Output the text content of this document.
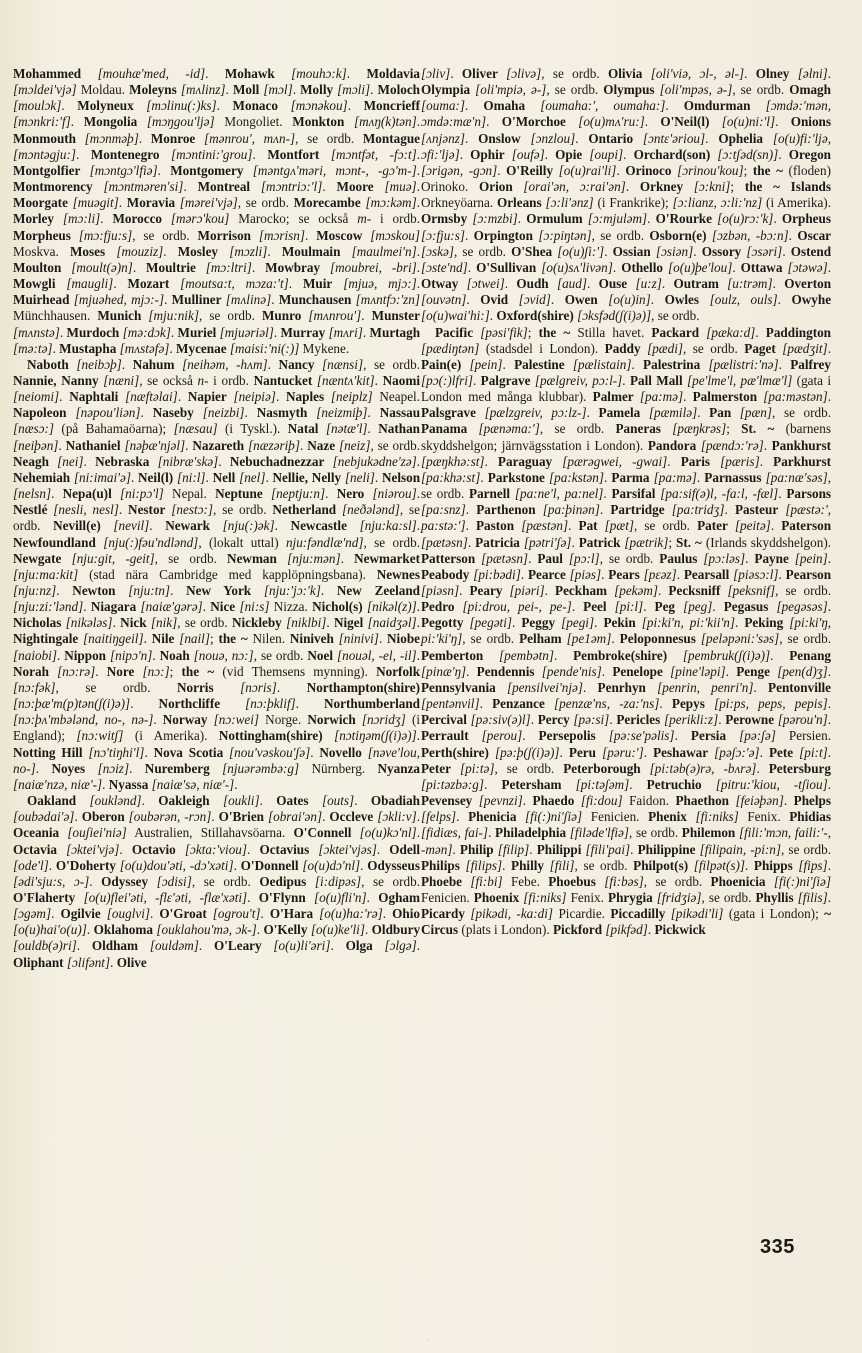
Mohammed [mouhæ'med, -id]. Mohawk [mouhɔ:k]. Moldavia [mɔldei'vjə] Moldau. Moleyns [mʌlinz]. Moll [mɔl]. Molly [mɔli]. Moloch [moulɔk]. Molyneux [mɔlinu(:)ks]. Monaco [mɔnəkou]. Moncrieff [mɔnkri:'f]. Mongolia [mɔŋgou'ljə] Mongoliet. Monkton [mʌŋ(k)tən]. Monmouth [mɔnməþ]. Monroe [mənrou', mʌn-], se ordb. Montague [mɔntəgju:]. Montenegro [mɔntini:'grou]. Montfort [mɔntfət, -fɔ:t]. Montgolfier [mɔntgɔ'lfiə]. Montgomery [məntgʌ'məri, mɔnt-, -gɔ'm-]. Montmorency [mɔntmərenʹsi]. Montreal [mɔntriɔ:'l]. Moore [muə]. Moorgate [muəgit]. Moravia [mərei'vjə], se ordb. Morecambe [mɔ:kəm]. Morley [mɔ:li]. Morocco [mərɔ'kou] Marocko; se också m- i ordb. Morpheus [mɔ:fju:s], se ordb. Morrison [mɔrisn]. Moscow [mɔskou] Moskva. Moses [mouziz]. Mosley [mɔzli]. Moulmain [maulmei'n]. Moulton [moult(ə)n]. Moultrie [mɔ:ltri]. Mowbray [moubrei, -bri]. Mowgli [maugli]. Mozart [moutsa:t, mɔza:'t]. Muir [mjuə, mjɔ:]. Muirhead [mjuəhed, mjɔ:-]. Mulliner [mʌlinə]. Munchausen [mʌntfɔ:'zn] Münchhausen. Munich [mju:nik], se ordb. Munro [mʌnrou']. Munster [mʌnstə]. Murdoch [mə:dɔk]. Muriel [mjuəriəl]. Murray [mʌri]. Murtagh [mə:tə]. Mustapha [mʌstəfə]. Mycenae [maisi:'ni(:)] Mykene.

Naboth [neibɔþ]. Nahum [neihəm, -hʌm]. Nancy [nænsi], se ordb. Nannie, Nanny [næni], se också n- i ordb. Nantucket [næntʌ'kit]. Naomi [neiomi]. Naphtali [næftəlai]. Napier [neipiə]. Naples [neiplz] Neapel. Napoleon [nəpou'liən]. Naseby [neizbi]. Nasmyth [neizmiþ]. Nassau [næsɔ:] (på Bahamaöarna); [næsau] (i Tyskl.). Natal [nətæ'l]. Nathan [neiþən]. Nathaniel [nəþæ'njəl]. Nazareth [næzəriþ]. Naze [neiz], se ordb. Neagh [nei]. Nebraska [nibræ'skə]. Nebuchadnezzar [nebjukədne'zə]. Nehemiah [ni:imai'ə]. Neil(l) [ni:l]. Nell [nel]. Nellie, Nelly [neli]. Nelson [nelsn]. Nepa(u)l [ni:pɔ'l] Nepal. Neptune [neptju:n]. Nero [niərou]. Nestlé [nesli, nesl]. Nestor [nestɔ:], se ordb. Netherland [neðələnd], se ordb. Nevill(e) [nevil]. Newark [nju(:)ək]. Newcastle [nju:ka:sl]. Newfoundland [nju(:)fəu'ndlənd], (lokalt uttal) nju:fəndlæ'nd], se ordb. Newgate [nju:git, -geit], se ordb. Newman [nju:mən]. Newmarket [nju:ma:kit] (stad nära Cambridge med kapplöpningsbana). Newnes [nju:nz]. Newton [nju:tn]. New York [nju:'jɔ:'k]. New Zeeland [nju:zi:'lənd]. Niagara [naiæ'gərə]. Nice [ni:s] Nizza. Nichol(s) [nikəl(z)]. Nicholas [nikələs]. Nick [nik], se ordb. Nickleby [niklbi]. Nigel [naidʒəl]. Nightingale [naitiŋgeil]. Nile [nail]; the ~ Nilen. Niniveh [ninivi]. Niobe [naiobi]. Nippon [nipɔ'n]. Noah [nouə, nɔ:], se ordb. Noel [nouəl, -el, -il]. Norah [nɔ:rə]. Nore [nɔ:]; the ~ (vid Themsens mynning). Norfolk [nɔ:fək], se ordb. Norris [nɔris]. Northampton(shire) [nɔ:þæ'm(p)tən(ʃ(i)ə)]. Northcliffe [nɔ:þklif]. Northumberland [nɔ:þʌ'mbələnd, no-, nə-]. Norway [nɔ:wei] Norge. Norwich [nɔridʒ] (i England); [nɔ:witʃ] (i Amerika). Nottingham(shire) [nɔtiŋəm(ʃ(i)ə)]. Notting Hill [nɔ'tiŋhi'l]. Nova Scotia [nou'vəskou'ʃə]. Novello [nəve'lou, no-]. Noyes [nɔiz]. Nuremberg [njuərəmbə:g] Nürnberg. Nyanza [naiæ'nzə, niæ'-]. Nyassa [naiæ'sə, niæ'-].

Oakland [ouklənd]. Oakleigh [oukli]. Oates [outs]. Obadiah [oubədai'ə]. Oberon [oubərən, -rɔn]. O'Brien [obrai'ən]. Occleve [ɔkli:v]. Oceania [ouʃiei'niə] Australien, Stillahavsöarna. O'Connell [o(u)kɔ'nl]. Octavia [ɔktei'vjə]. Octavio [ɔkta:'viou]. Octavius [ɔktei'vjəs]. Odell [ode'l]. O'Doherty [o(u)dou'əti, -dɔ'xəti]. O'Donnell [o(u)dɔ'nl]. Odysseus [ədi'sju:s, ɔ-]. Odyssey [ɔdisi], se ordb. Oedipus [i:dipəs], se ordb. O'Flaherty [o(u)flei'əti, -flɛ'əti, -flæ'xəti]. O'Flynn [o(u)fli'n]. Ogham [ɔgəm]. Ogilvie [ouglvi]. O'Groat [ogrou't]. O'Hara [o(u)ha:'rə]. Ohio [o(u)hai'o(u)]. Oklahoma [ouklahou'mə, ɔk-]. O'Kelly [o(u)ke'li]. Oldbury [ouldb(ə)ri]. Oldham [ouldəm]. O'Leary [o(u)li'əri]. Olga [ɔlgə]. Oliphant [ɔlifənt]. Olive

[ɔliv]. Oliver [ɔlivə], se ordb. Olivia [oli'viə, ɔl-, əl-]. Olney [əlni]. Olympia [oli'mpiə, ə-], se ordb. Olympus [oli'mpəs, ə-], se ordb. Omagh [ouma:]. Omaha [oumaha:', oumaha:]. Omdurman [ɔmdə:'mən, ɔmdə:mæ'n]. O'Morchoe [o(u)mʌ'ru:]. O'Neil(l) [o(u)ni:'l]. Onions [ʌnjənz]. Onslow [ɔnzlou]. Ontario [ɔntɛ'əriou]. Ophelia [o(u)fi:'ljə, ɔfi:'ljə]. Ophir [oufə]. Opie [oupi]. Orchard(son) [ɔ:tʃəd(sn)]. Oregon [ɔrigən, -gɔn]. O'Reilly [o(u)rai'li]. Orinoco [ɔrinou'kou]; the ~ (floden) Orinoko. Orion [orai'ən, ɔ:rai'ən]. Orkney [ɔ:kni]; the ~ Islands Orkneyöarna. Orleans [ɔ:li'ənz] (i Frankrike); [ɔ:lianz, ɔ:li:'nz] (i Amerika). Ormsby [ɔ:mzbi]. Ormulum [ɔ:mjuləm]. O'Rourke [o(u)rɔ:'k]. Orpheus [ɔ:fju:s]. Orpington [ɔ:piŋtən], se ordb. Osborn(e) [ɔzbən, -bɔ:n]. Oscar [ɔskə], se ordb. O'Shea [o(u)ʃi:']. Ossian [ɔsiən]. Ossory [ɔsəri]. Ostend [ɔste'nd]. O'Sullivan [o(u)sʌ'livən]. Othello [o(u)þe'lou]. Ottawa [ɔtəwə]. Otway [ɔtwei]. Oudh [aud]. Ouse [u:z]. Outram [u:trəm]. Overton [ouvətn]. Ovid [ɔvid]. Owen [o(u)in]. Owles [oulz, ouls]. Owyhe [o(u)wai'hi:]. Oxford(shire) [ɔksfəd(ʃ(i)ə)], se ordb.

Pacific [pəsi'fik]; the ~ Stilla havet. Packard [pæka:d]. Paddington [pædiŋtən] (stadsdel i London). Paddy [pædi], se ordb. Paget [pædʒit]. Pain(e) [pein]. Palestine [pælistain]. Palestrina [pælistri:'nə]. Palfrey [pɔ(:)lfri]. Palgrave [pælgreiv, pɔ:l-]. Pall Mall [pe'lme'l, pæ'lmæ'l] (gata i London med många klubbar). Palmer [pa:mə]. Palmerston [pa:məstən]. Palsgrave [pælzgreiv, pɔ:lz-]. Pamela [pæmilə]. Pan [pæn], se ordb. Panama [pænəma:'], se ordb. Paneras [pæŋkrəs]; St. ~ (barnens skyddshelgon; järnvägsstation i London). Pandora [pændɔ:'rə]. Pankhurst [pæŋkhə:st]. Paraguay [pærəgwei, -gwai]. Paris [pæris]. Parkhurst [pa:khə:st]. Parkstone [pa:kstən]. Parma [pa:mə]. Parnassus [pa:næ'səs], se ordb. Parnell [pa:ne'l, pa:nel]. Parsifal [pa:sif(ə)l, -fa:l, -fæl]. Parsons [pa:snz]. Parthenon [pa:þinən]. Partridge [pa:tridʒ]. Pasteur [pæstə:', pa:stə:']. Paston [pæstən]. Pat [pæt], se ordb. Pater [peitə]. Paterson [pætəsn]. Patricia [pətri'ʃə]. Patrick [pætrik]; St. ~ (Irlands skyddshelgon). Patterson [pætəsn]. Paul [pɔ:l], se ordb. Paulus [pɔ:ləs]. Payne [pein]. Peabody [pi:bədi]. Pearce [piəs]. Pears [pɛəz]. Pearsall [piəsɔ:l]. Pearson [piəsn]. Peary [piəri]. Peckham [pekəm]. Pecksniff [peksnif], se ordb. Pedro [pi:drou, pei-, pe-]. Peel [pi:l]. Peg [peg]. Pegasus [pegəsəs]. Pegotty [pegəti]. Peggy [pegi]. Pekin [pi:ki'n, pi:'kii'n]. Peking [pi:ki'ŋ, pi:'ki'ŋ], se ordb. Pelham [pe1əm]. Peloponnesus [peləpəni:'səs], se ordb. Pemberton [pembətn]. Pembroke(shire) [pembruk(ʃ(i)ə)]. Penang [pinæ'ŋ]. Pendennis [pende'nis]. Penelope [pine'ləpi]. Penge [pen(d)ʒ]. Pennsylvania [pensilvei'njə]. Penrhyn [penrin, penri'n]. Pentonville [pentənvil]. Penzance [penzæ'ns, -za:'ns]. Pepys [pi:ps, peps, pepis]. Percival [pə:siv(ə)l]. Percy [pə:si]. Pericles [perikli:z]. Perowne [pərou'n]. Perrault [perou]. Persepolis [pə:se'pəlis]. Persia [pə:ʃə] Persien. Perth(shire) [pə:þ(ʃ(i)ə)]. Peru [pəru:']. Peshawar [pəʃɔ:'ə]. Pete [pi:t]. Peter [pi:tə], se ordb. Peterborough [pi:təb(ə)rə, -bʌrə]. Petersburg [pi:təzbə:g]. Petersham [pi:təʃəm]. Petruchio [pitru:'kiou, -tʃiou]. Pevensey [pevnzi]. Phaedo [fi:dou] Faidon. Phaethon [feiəþən]. Phelps [felps]. Phenicia [fi(:)ni'ʃiə] Fenicien. Phenix [fi:niks] Fenix. Phidias [fidiæs, fai-]. Philadelphia [filəde'lfiə], se ordb. Philemon [fili:'mɔn, faili:'-, -mən]. Philip [filip]. Philippi [fili'pai]. Philippine [filipain, -pi:n], se ordb. Philips [filips]. Philly [fili], se ordb. Philpot(s) [filpət(s)]. Phipps [fips]. Phoebe [fi:bi] Febe. Phoebus [fi:bəs], se ordb. Phoenicia [fi(:)ni'ʃiə] Fenicien. Phoenix [fi:niks] Fenix. Phrygia [fridʒiə], se ordb. Phyllis [filis]. Picardy [pikədi, -ka:di] Picardie. Piccadilly [pikədi'li] (gata i London); ~ Circus (plats i London). Pickford [pikfəd]. Pickwick

335
·
